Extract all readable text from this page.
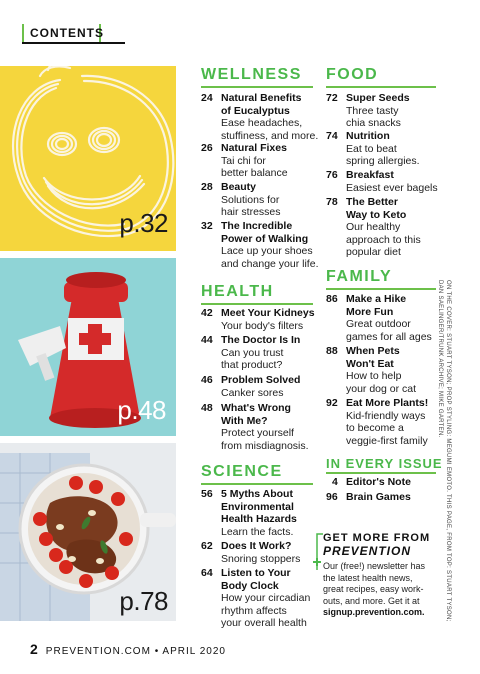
CONTENTS
p.32
p.48
p.78
WELLNESS
24 Natural Benefits
of Eucalyptus
Ease headaches,
stuffiness, and more.
26 Natural Fixes
Tai chi for
better balance
28 Beauty
Solutions for
hair stresses
32 The Incredible
Power of Walking
Lace up your shoes
and change your life.
HEALTH
42 Meet Your Kidneys
Your body's filters
44 The Doctor Is In
Can you trust
that product?
46 Problem Solved
Canker sores
48 What's Wrong
With Me?
Protect yourself
from misdiagnosis.
SCIENCE
56 5 Myths About
Environmental
Health Hazards
Learn the facts.
62 Does It Work?
Snoring stoppers
64 Listen to Your
Body Clock
How your circadian
rhythm affects
your overall health
FOOD
72 Super Seeds
Three tasty
chia snacks
74 Nutrition
Eat to beat
spring allergies.
76 Breakfast
Easiest ever bagels
78 The Better
Way to Keto
Our healthy
approach to this
popular diet
FAMILY
86 Make a Hike
More Fun
Great outdoor
games for all ages
88 When Pets
Won't Eat
How to help
your dog or cat
92 Eat More Plants!
Kid-friendly ways
to become a
veggie-first family
IN EVERY ISSUE
4 Editor's Note
96 Brain Games
GET MORE FROM
PREVENTION
Our (free!) newsletter has
the latest health news,
great recipes, easy work-
outs, and more. Get it at
signup.prevention.com.	ON THE COVER: STUART TYSON; PROP STYLING: MEGUMI EMOTO. THIS PAGE, FROM TOP: STUART TYSON;
DAN SAELINGER/TRUNK ARCHIVE; MIKE GARTEN.
2 PREVENTION.COM • APRIL 2020
